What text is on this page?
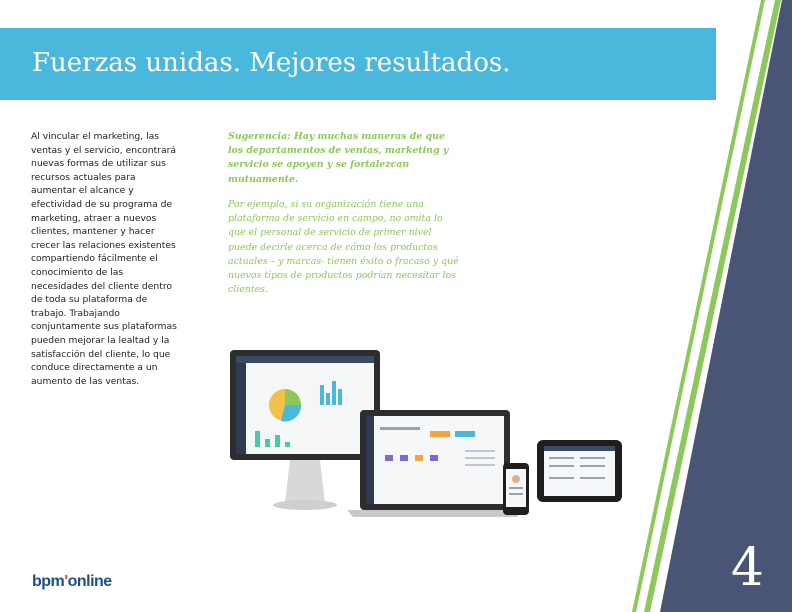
Fuerzas unidas. Mejores resultados.

Al vincular el marketing, las ventas y el servicio, encontrará nuevas formas de utilizar sus recursos actuales para aumentar el alcance y efectividad de su programa de marketing, atraer a nuevos clientes, mantener y hacer crecer las relaciones existentes compartiendo fácilmente el conocimiento de las necesidades del cliente dentro de toda su plataforma de trabajo. Trabajando conjuntamente sus plataformas pueden mejorar la lealtad y la satisfacción del cliente, lo que conduce directamente a un aumento de las ventas.

Sugerencia: Hay muchas maneras de que los departamentos de ventas, marketing y servicio se apoyen y se fortalezcan mutuamente.

Por ejemplo, si su organización tiene una plataforma de servicio en campo, no omita lo que el personal de servicio de primer nivel puede decirle acerca de cómo los productos actuales – y marcas- tienen éxito o fracaso y qué nuevos tipos de productos podrían necesitar los clientes.

bpm'online	4
